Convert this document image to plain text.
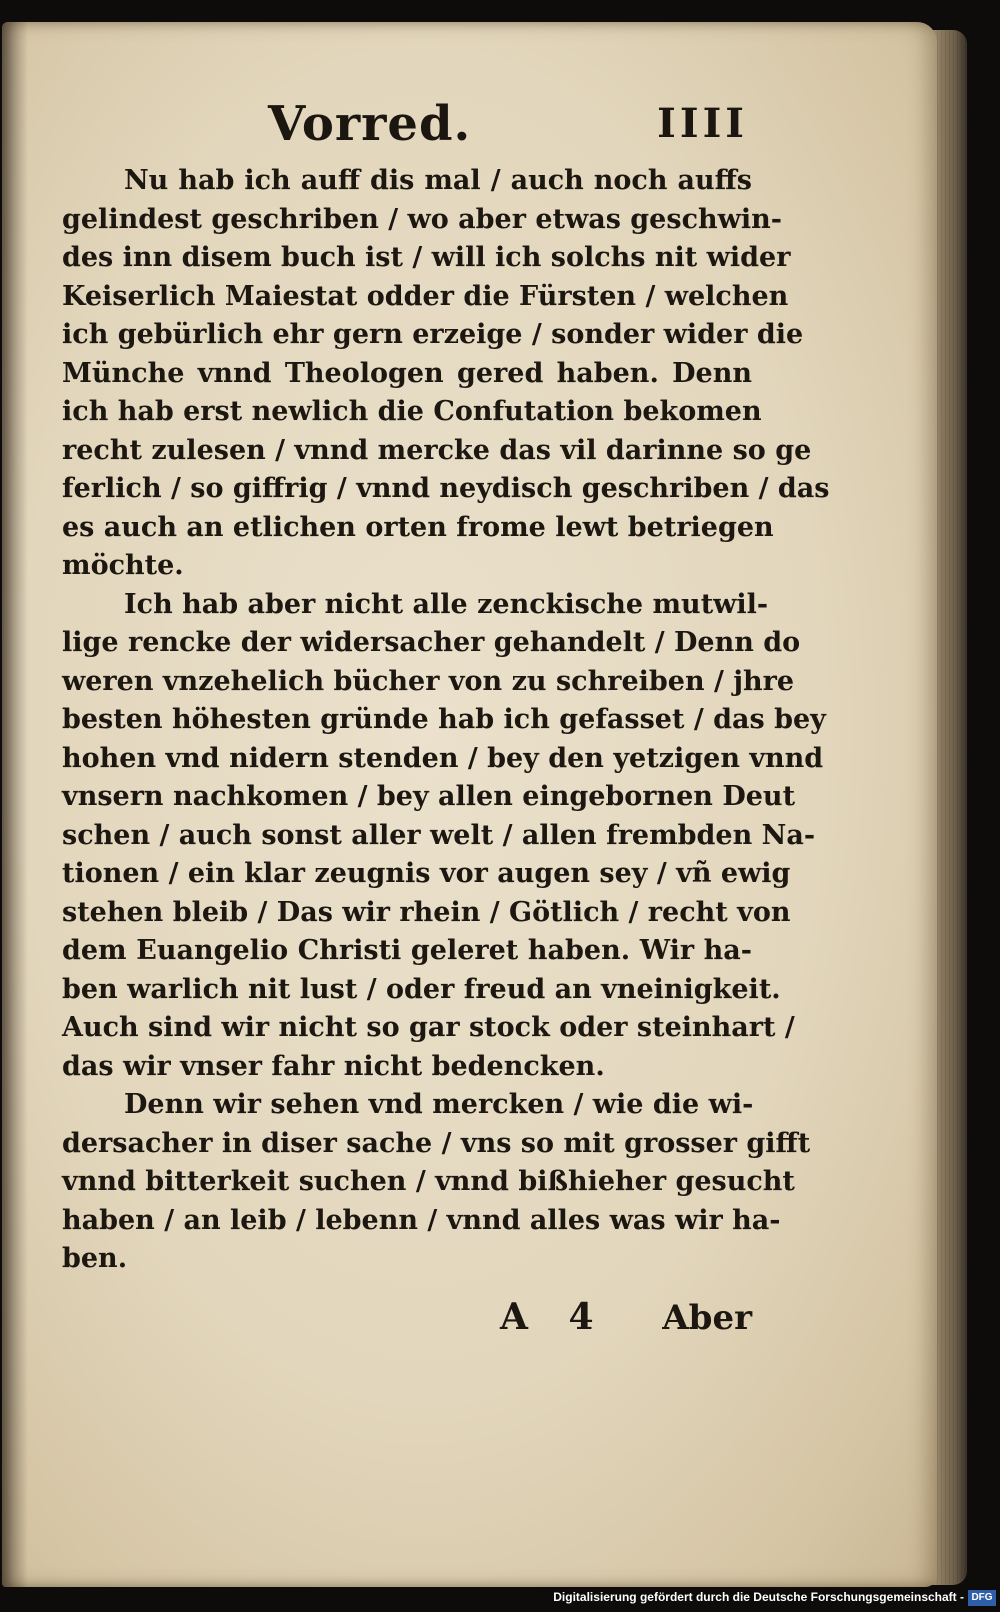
Vorred.	IIII
Nu hab ich auff dis mal / auch noch auffs
gelindest geschriben / wo aber etwas geschwin-
des inn disem buch ist / will ich solchs nit wider
Keiserlich Maiestat odder die Fürsten / welchen
ich gebürlich ehr gern erzeige / sonder wider die
Münche vnnd Theologen gered haben. Denn
ich hab erst newlich die Confutation bekomen
recht zulesen / vnnd mercke das vil darinne so ge
ferlich / so giffrig / vnnd neydisch geschriben / das
es auch an etlichen orten frome lewt betriegen
möchte.
Ich hab aber nicht alle zenckische mutwil-
lige rencke der widersacher gehandelt / Denn do
weren vnzehelich bücher von zu schreiben / jhre
besten höhesten gründe hab ich gefasset / das bey
hohen vnd nidern stenden / bey den yetzigen vnnd
vnsern nachkomen / bey allen eingebornen Deut
schen / auch sonst aller welt / allen frembden Na-
tionen / ein klar zeugnis vor augen sey / vñ ewig
stehen bleib / Das wir rhein / Götlich / recht von
dem Euangelio Christi geleret haben. Wir ha-
ben warlich nit lust / oder freud an vneinigkeit.
Auch sind wir nicht so gar stock oder steinhart /
das wir vnser fahr nicht bedencken.
Denn wir sehen vnd mercken / wie die wi-
dersacher in diser sache / vns so mit grosser gifft
vnnd bitterkeit suchen / vnnd bißhieher gesucht
haben / an leib / lebenn / vnnd alles was wir ha-
ben.
A 4 Aber
Digitalisierung gefördert durch die Deutsche Forschungsgemeinschaft - DFG
